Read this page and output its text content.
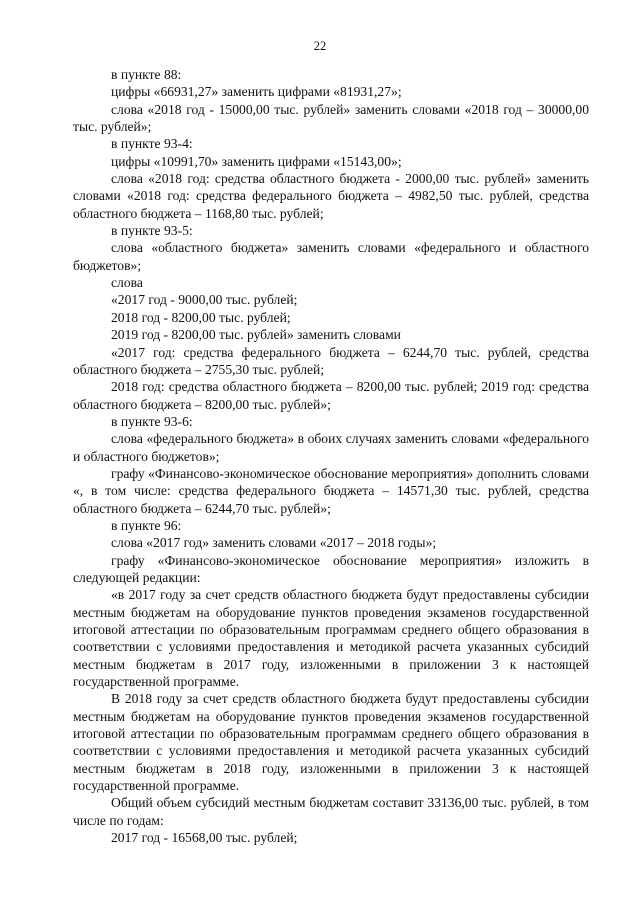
22

в пункте 88:

цифры «66931,27» заменить цифрами «81931,27»;

слова «2018 год - 15000,00 тыс. рублей» заменить словами «2018 год – 30000,00 тыс. рублей»;

в пункте 93-4:

цифры «10991,70» заменить цифрами «15143,00»;

слова «2018 год: средства областного бюджета - 2000,00 тыс. рублей» заменить словами «2018 год: средства федерального бюджета – 4982,50 тыс. рублей, средства областного бюджета – 1168,80 тыс. рублей;

в пункте 93-5:

слова «областного бюджета» заменить словами «федерального и областного бюджетов»;

слова

«2017 год - 9000,00 тыс. рублей;

2018 год - 8200,00 тыс. рублей;

2019 год - 8200,00 тыс. рублей» заменить словами

«2017 год: средства федерального бюджета – 6244,70 тыс. рублей, средства областного бюджета – 2755,30 тыс. рублей;

2018 год: средства областного бюджета – 8200,00 тыс. рублей; 2019 год: средства областного бюджета – 8200,00 тыс. рублей»;

в пункте 93-6:

слова «федерального бюджета» в обоих случаях заменить словами «федерального и областного бюджетов»;

графу «Финансово-экономическое обоснование мероприятия» дополнить словами «, в том числе: средства федерального бюджета – 14571,30 тыс. рублей, средства областного бюджета – 6244,70 тыс. рублей»;

в пункте 96:

слова «2017 год» заменить словами «2017 – 2018 годы»;

графу «Финансово-экономическое обоснование мероприятия» изложить в следующей редакции:

«в 2017 году за счет средств областного бюджета будут предоставлены субсидии местным бюджетам на оборудование пунктов проведения экзаменов государственной итоговой аттестации по образовательным программам среднего общего образования в соответствии с условиями предоставления и методикой расчета указанных субсидий местным бюджетам в 2017 году, изложенными в приложении 3 к настоящей государственной программе.

В 2018 году за счет средств областного бюджета будут предоставлены субсидии местным бюджетам на оборудование пунктов проведения экзаменов государственной итоговой аттестации по образовательным программам среднего общего образования в соответствии с условиями предоставления и методикой расчета указанных субсидий местным бюджетам в 2018 году, изложенными в приложении 3 к настоящей государственной программе.

Общий объем субсидий местным бюджетам составит 33136,00 тыс. рублей, в том числе по годам:

2017 год - 16568,00 тыс. рублей;
